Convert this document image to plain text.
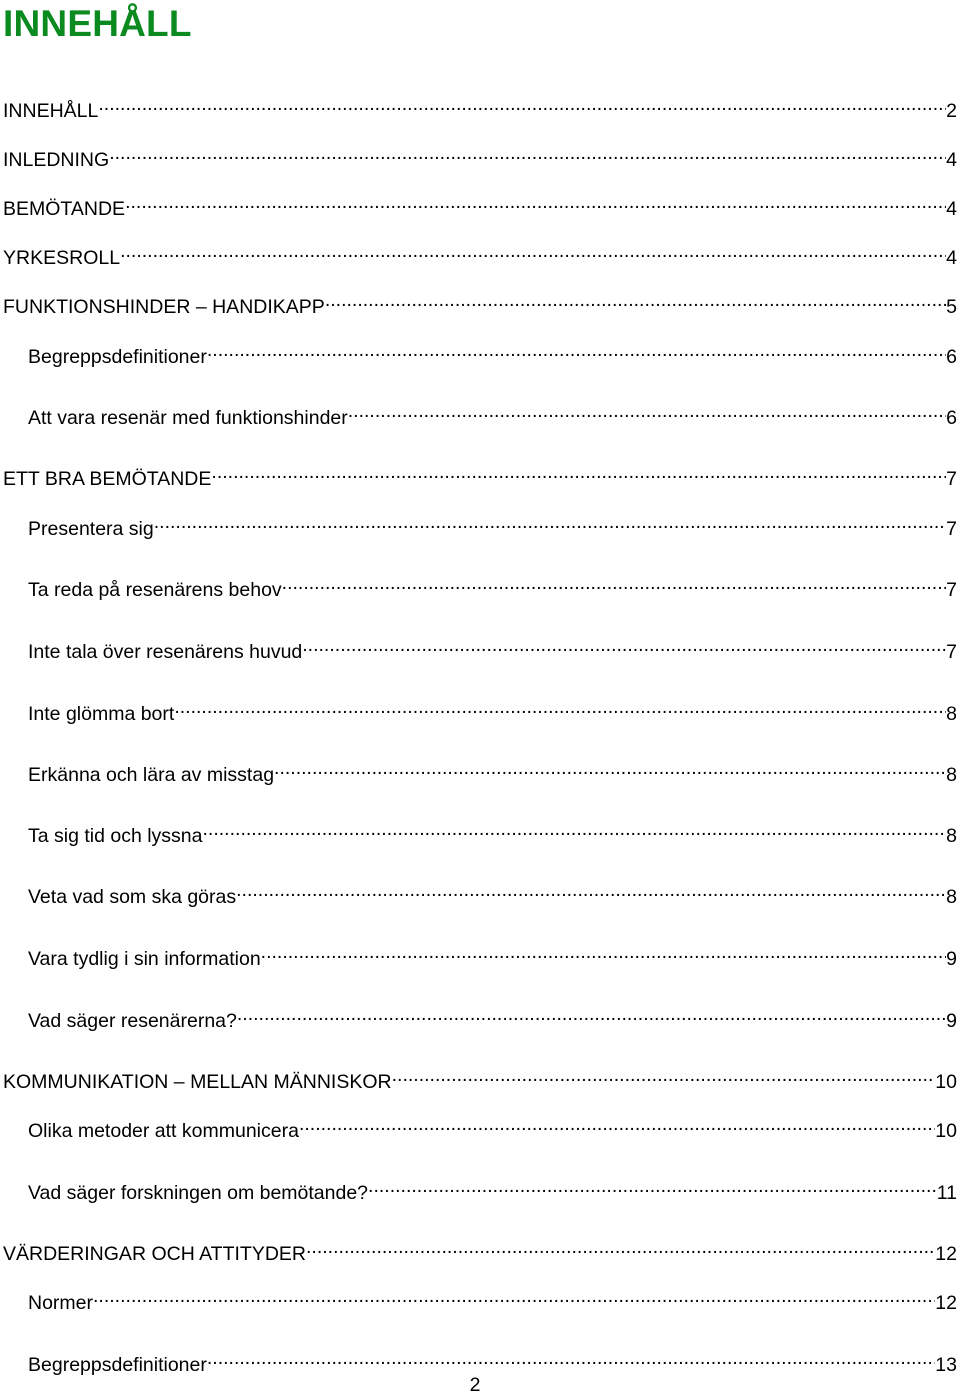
INNEHÅLL
INNEHÅLL .....	2
INLEDNING .....	4
BEMÖTANDE .....	4
YRKESROLL .....	4
FUNKTIONSHINDER – HANDIKAPP .....	5
Begreppsdefinitioner .....	6
Att vara resenär med funktionshinder .....	6
ETT BRA BEMÖTANDE .....	7
Presentera sig .....	7
Ta reda på resenärens behov .....	7
Inte tala över resenärens huvud .....	7
Inte glömma bort .....	8
Erkänna och lära av misstag .....	8
Ta sig tid och lyssna .....	8
Veta vad som ska göras .....	8
Vara tydlig i sin information .....	9
Vad säger resenärerna? .....	9
KOMMUNIKATION – MELLAN MÄNNISKOR .....	10
Olika metoder att kommunicera .....	10
Vad säger forskningen om bemötande? .....	11
VÄRDERINGAR OCH ATTITYDER .....	12
Normer .....	12
Begreppsdefinitioner .....	13
2
